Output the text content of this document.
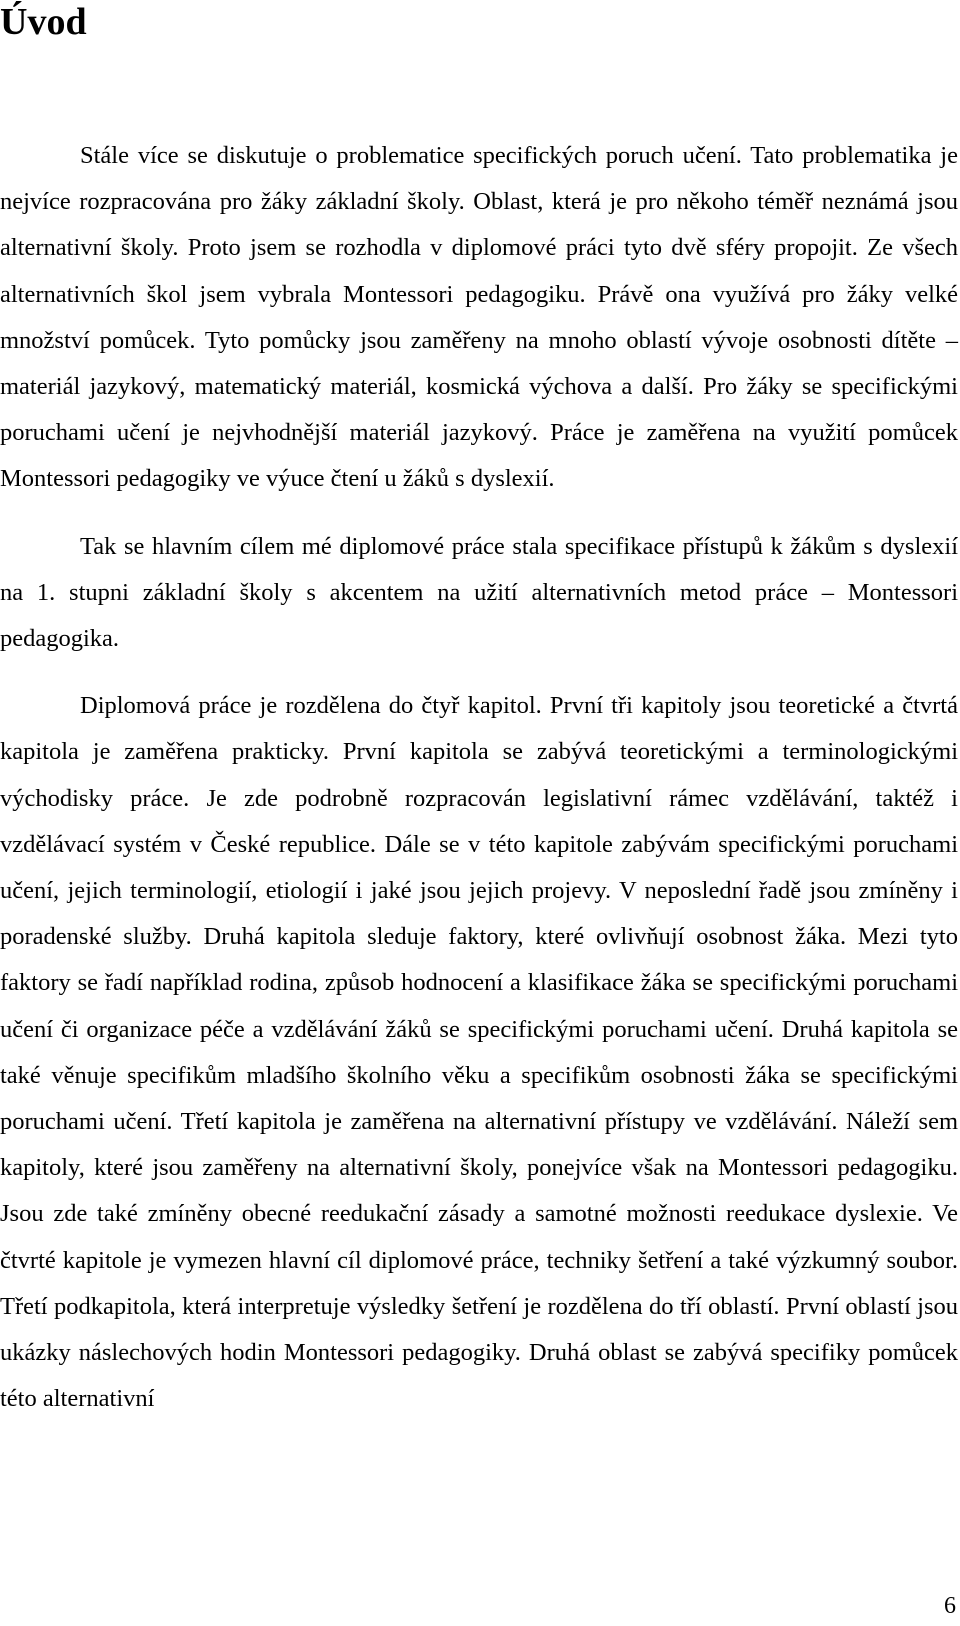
Úvod

Stále více se diskutuje o problematice specifických poruch učení. Tato problematika je nejvíce rozpracována pro žáky základní školy. Oblast, která je pro někoho téměř neznámá jsou alternativní školy. Proto jsem se rozhodla v diplomové práci tyto dvě sféry propojit. Ze všech alternativních škol jsem vybrala Montessori pedagogiku. Právě ona využívá pro žáky velké množství pomůcek. Tyto pomůcky jsou zaměřeny na mnoho oblastí vývoje osobnosti dítěte – materiál jazykový, matematický materiál, kosmická výchova a další. Pro žáky se specifickými poruchami učení je nejvhodnější materiál jazykový. Práce je zaměřena na využití pomůcek Montessori pedagogiky ve výuce čtení u žáků s dyslexií.

Tak se hlavním cílem mé diplomové práce stala specifikace přístupů k žákům s dyslexií na 1. stupni základní školy s akcentem na užití alternativních metod práce – Montessori pedagogika.

Diplomová práce je rozdělena do čtyř kapitol. První tři kapitoly jsou teoretické a čtvrtá kapitola je zaměřena prakticky. První kapitola se zabývá teoretickými a terminologickými východisky práce. Je zde podrobně rozpracován legislativní rámec vzdělávání, taktéž i vzdělávací systém v České republice. Dále se v této kapitole zabývám specifickými poruchami učení, jejich terminologií, etiologií i jaké jsou jejich projevy. V neposlední řadě jsou zmíněny i poradenské služby. Druhá kapitola sleduje faktory, které ovlivňují osobnost žáka. Mezi tyto faktory se řadí například rodina, způsob hodnocení a klasifikace žáka se specifickými poruchami učení či organizace péče a vzdělávání žáků se specifickými poruchami učení. Druhá kapitola se také věnuje specifikům mladšího školního věku a specifikům osobnosti žáka se specifickými poruchami učení. Třetí kapitola je zaměřena na alternativní přístupy ve vzdělávání. Náleží sem kapitoly, které jsou zaměřeny na alternativní školy, ponejvíce však na Montessori pedagogiku. Jsou zde také zmíněny obecné reedukační zásady a samotné možnosti reedukace dyslexie. Ve čtvrté kapitole je vymezen hlavní cíl diplomové práce, techniky šetření a také výzkumný soubor. Třetí podkapitola, která interpretuje výsledky šetření je rozdělena do tří oblastí. První oblastí jsou ukázky náslechových hodin Montessori pedagogiky. Druhá oblast se zabývá specifiky pomůcek této alternativní

6
